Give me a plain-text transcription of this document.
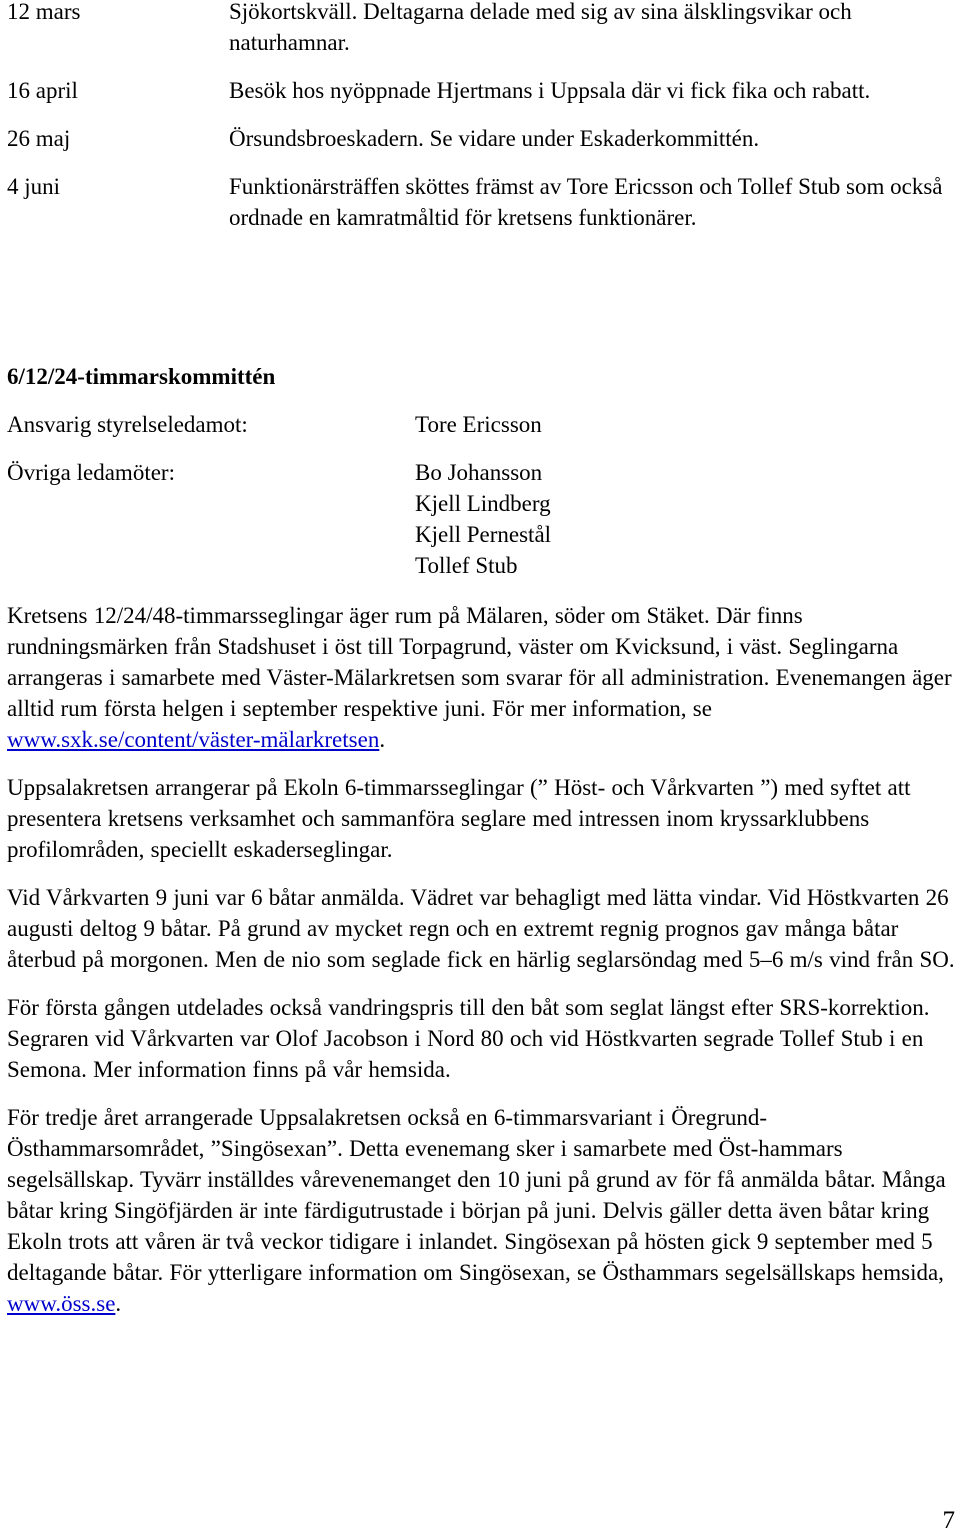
12 mars	Sjökortskväll. Deltagarna delade med sig av sina älsklingsvikar och naturhamnar.
16 april	Besök hos nyöppnade Hjertmans i Uppsala där vi fick fika och rabatt.
26 maj	Örsundsbroeskadern. Se vidare under Eskaderkommittén.
4 juni	Funktionärsträffen sköttes främst av Tore Ericsson och Tollef Stub som också ordnade en kamratmåltid för kretsens funktionärer.
6/12/24-timmarskommittén
Ansvarig styrelseledamot:	Tore Ericsson
Övriga ledamöter:	Bo Johansson
Kjell Lindberg
Kjell Pernestål
Tollef Stub

Kretsens 12/24/48-timmarsseglingar äger rum på Mälaren, söder om Stäket. Där finns rundningsmärken från Stadshuset i öst till Torpagrund, väster om Kvicksund, i väst. Seglingarna arrangeras i samarbete med Väster-Mälarkretsen som svarar för all administration. Evenemangen äger alltid rum första helgen i september respektive juni. För mer information, se www.sxk.se/content/väster-mälarkretsen.

Uppsalakretsen arrangerar på Ekoln 6-timmarsseglingar (” Höst- och Vårkvarten ”) med syftet att presentera kretsens verksamhet och sammanföra seglare med intressen inom kryssarklubbens profilområden, speciellt eskaderseglingar.

Vid Vårkvarten 9 juni var 6 båtar anmälda. Vädret var behagligt med lätta vindar. Vid Höstkvarten 26 augusti deltog 9 båtar. På grund av mycket regn och en extremt regnig prognos gav många båtar återbud på morgonen. Men de nio som seglade fick en härlig seglarsöndag med 5–6 m/s vind från SO.

För första gången utdelades också vandringspris till den båt som seglat längst efter SRS-korrektion. Segraren vid Vårkvarten var Olof Jacobson i Nord 80 och vid Höstkvarten segrade Tollef Stub i en Semona. Mer information finns på vår hemsida.

För tredje året arrangerade Uppsalakretsen också en 6-timmarsvariant i Öregrund-Östhammarsområdet, ”Singösexan”. Detta evenemang sker i samarbete med Öst-hammars segelsällskap. Tyvärr inställdes vårevenemanget den 10 juni på grund av för få anmälda båtar. Många båtar kring Singöfjärden är inte färdigutrustade i början på juni. Delvis gäller detta även båtar kring Ekoln trots att våren är två veckor tidigare i inlandet. Singösexan på hösten gick 9 september med 5 deltagande båtar. För ytterligare information om Singösexan, se Östhammars segelsällskaps hemsida, www.öss.se.

7
